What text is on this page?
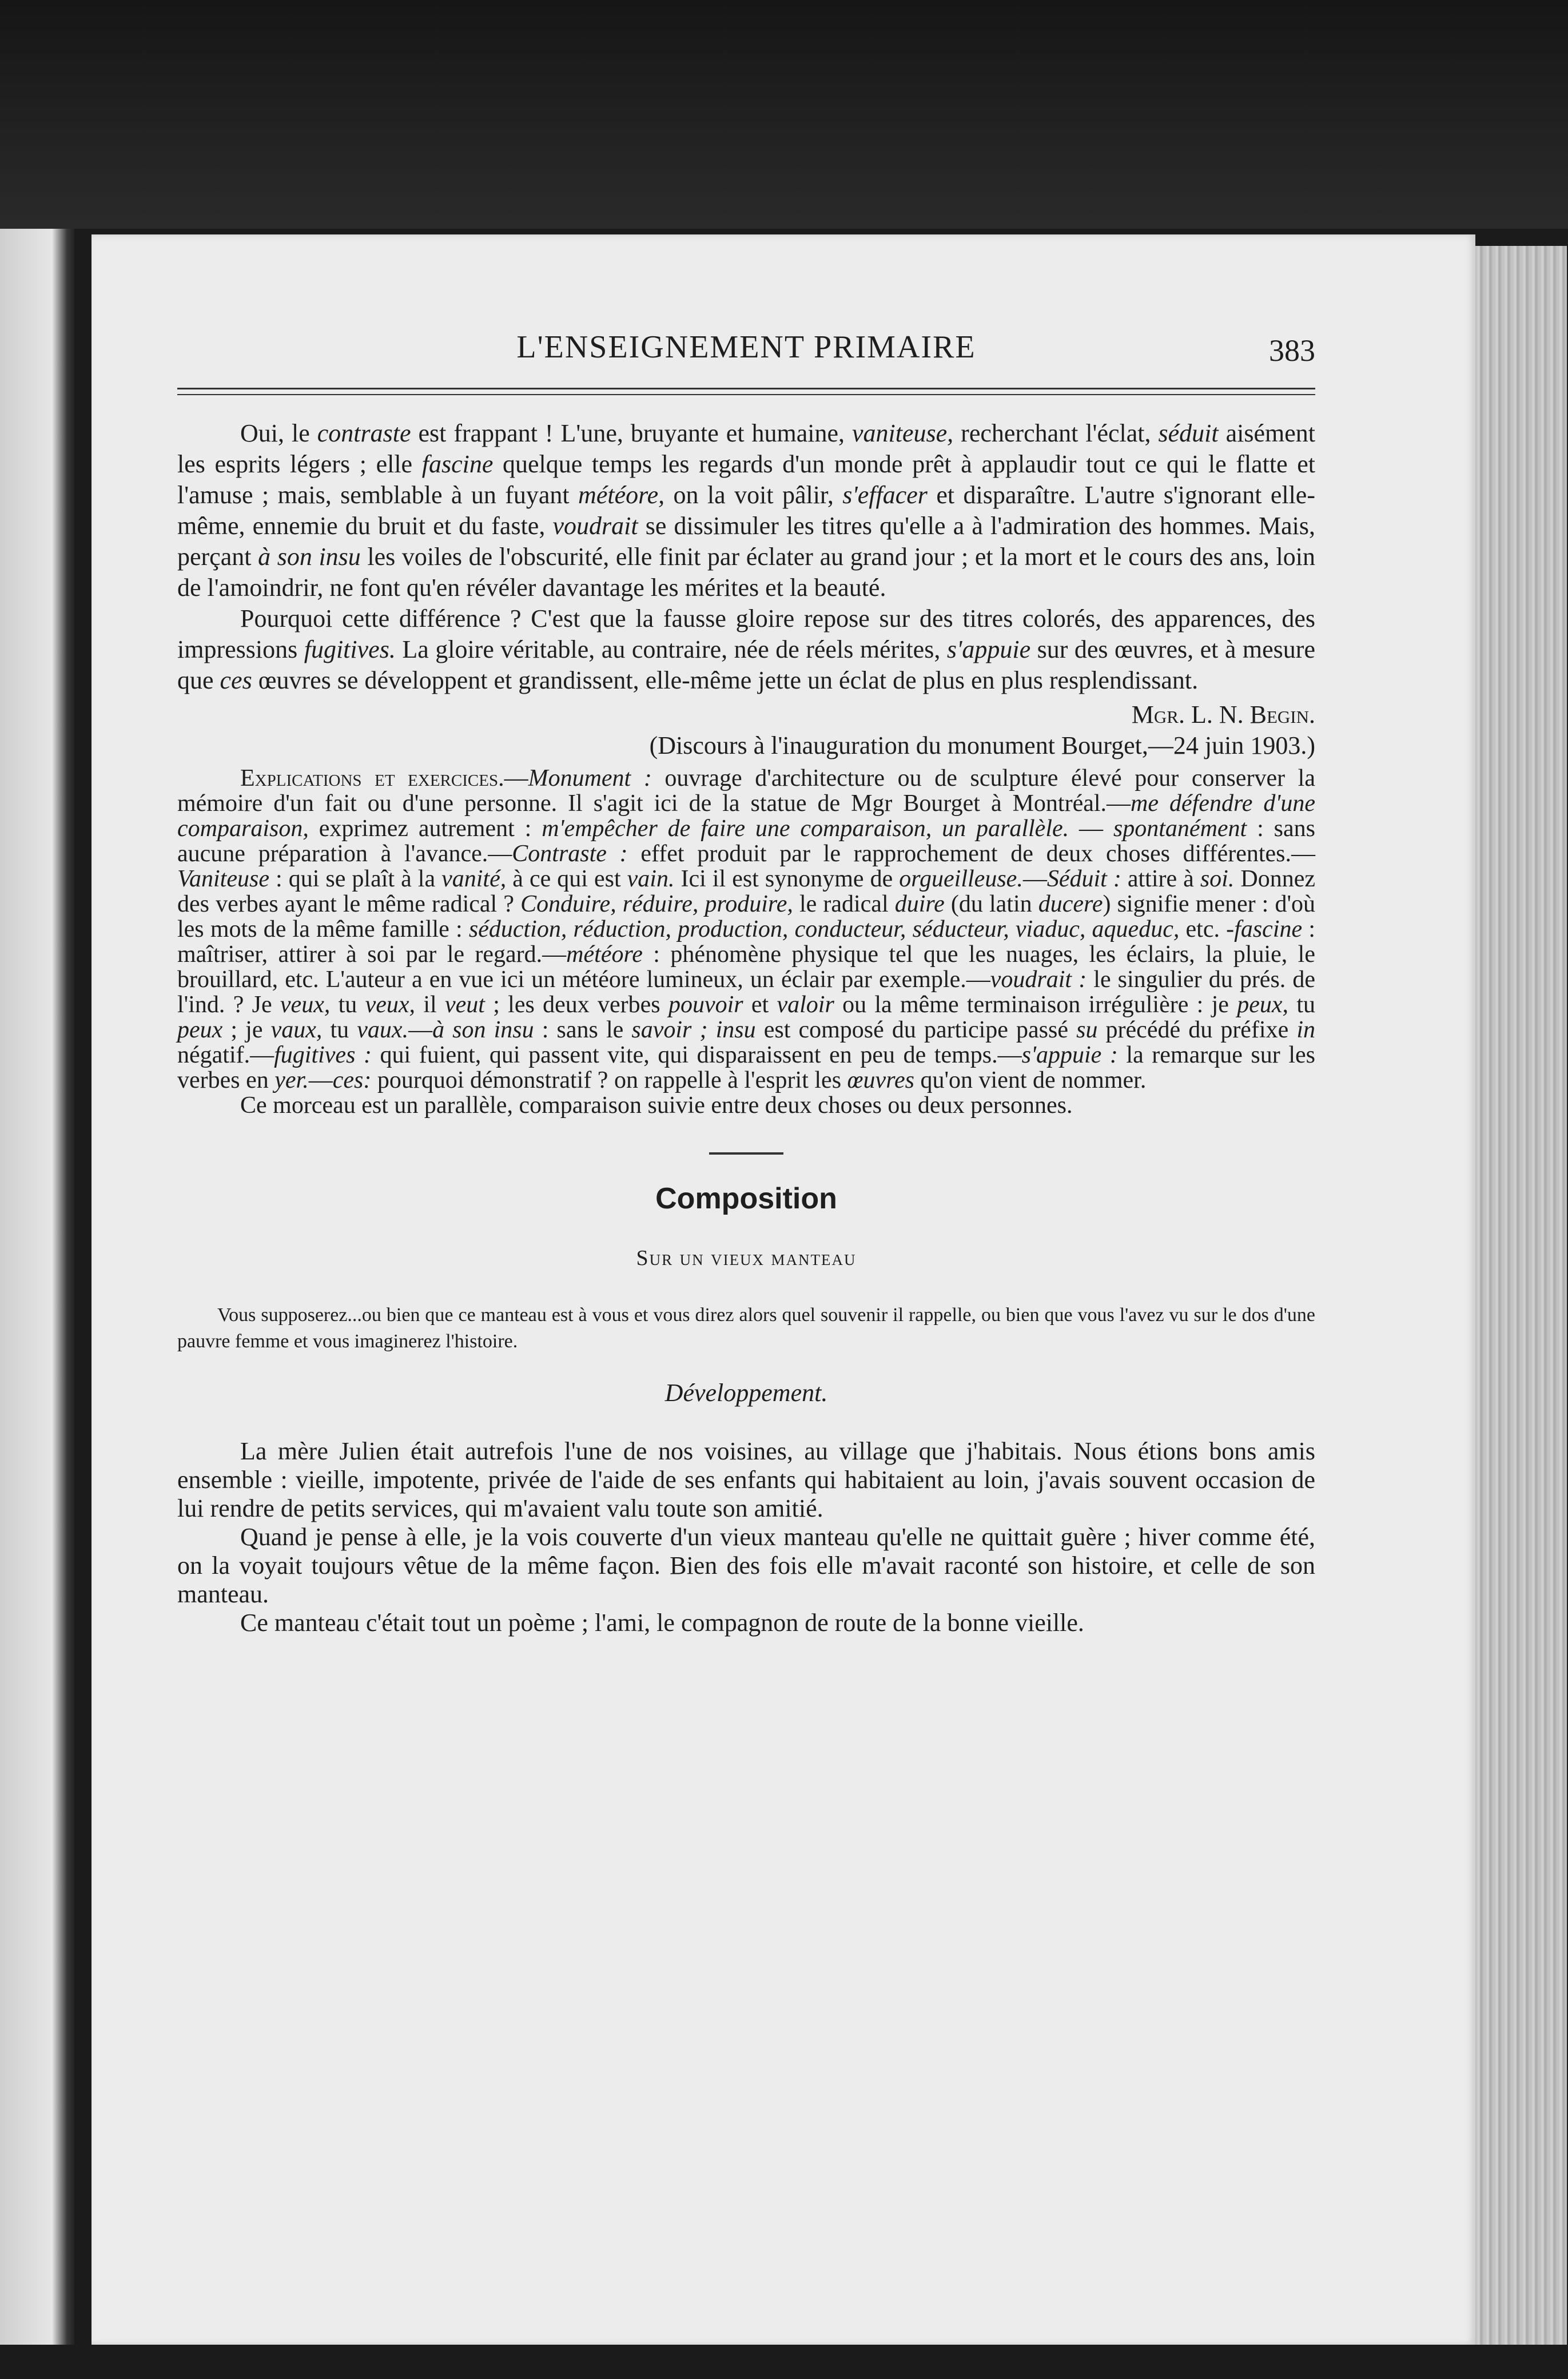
L'ENSEIGNEMENT PRIMAIRE	383

Oui, le contraste est frappant ! L'une, bruyante et humaine, vaniteuse, recherchant l'éclat, séduit aisément les esprits légers ; elle fascine quelque temps les regards d'un monde prêt à applaudir tout ce qui le flatte et l'amuse ; mais, semblable à un fuyant météore, on la voit pâlir, s'effacer et disparaître. L'autre s'ignorant elle-même, ennemie du bruit et du faste, voudrait se dissimuler les titres qu'elle a à l'admiration des hommes. Mais, perçant à son insu les voiles de l'obscurité, elle finit par éclater au grand jour ; et la mort et le cours des ans, loin de l'amoindrir, ne font qu'en révéler davantage les mérites et la beauté.

Pourquoi cette différence ? C'est que la fausse gloire repose sur des titres colorés, des apparences, des impressions fugitives. La gloire véritable, au contraire, née de réels mérites, s'appuie sur des œuvres, et à mesure que ces œuvres se développent et grandissent, elle-même jette un éclat de plus en plus resplendissant.

Mgr. L. N. Begin.
(Discours à l'inauguration du monument Bourget,—24 juin 1903.)

Explications et exercices.—Monument : ouvrage d'architecture ou de sculpture élevé pour conserver la mémoire d'un fait ou d'une personne. Il s'agit ici de la statue de Mgr Bourget à Montréal.—me défendre d'une comparaison, exprimez autrement : m'empêcher de faire une comparaison, un parallèle. — spontanément : sans aucune préparation à l'avance.—Contraste : effet produit par le rapprochement de deux choses différentes.—Vaniteuse : qui se plaît à la vanité, à ce qui est vain. Ici il est synonyme de orgueilleuse.—Séduit : attire à soi. Donnez des verbes ayant le même radical ? Conduire, réduire, produire, le radical duire (du latin ducere) signifie mener : d'où les mots de la même famille : séduction, réduction, production, conducteur, séducteur, viaduc, aqueduc, etc. -fascine : maîtriser, attirer à soi par le regard.—météore : phénomène physique tel que les nuages, les éclairs, la pluie, le brouillard, etc. L'auteur a en vue ici un météore lumineux, un éclair par exemple.—voudrait : le singulier du prés. de l'ind. ? Je veux, tu veux, il veut ; les deux verbes pouvoir et valoir ou la même terminaison irrégulière : je peux, tu peux ; je vaux, tu vaux.—à son insu : sans le savoir ; insu est composé du participe passé su précédé du préfixe in négatif.—fugitives : qui fuient, qui passent vite, qui disparaissent en peu de temps.—s'appuie : la remarque sur les verbes en yer.—ces: pourquoi démonstratif ? on rappelle à l'esprit les œuvres qu'on vient de nommer.

Ce morceau est un parallèle, comparaison suivie entre deux choses ou deux personnes.

Composition
Sur un vieux manteau

Vous supposerez...ou bien que ce manteau est à vous et vous direz alors quel souvenir il rappelle, ou bien que vous l'avez vu sur le dos d'une pauvre femme et vous imaginerez l'histoire.

Développement.

La mère Julien était autrefois l'une de nos voisines, au village que j'habitais. Nous étions bons amis ensemble : vieille, impotente, privée de l'aide de ses enfants qui habitaient au loin, j'avais souvent occasion de lui rendre de petits services, qui m'avaient valu toute son amitié.

Quand je pense à elle, je la vois couverte d'un vieux manteau qu'elle ne quittait guère ; hiver comme été, on la voyait toujours vêtue de la même façon. Bien des fois elle m'avait raconté son histoire, et celle de son manteau.

Ce manteau c'était tout un poème ; l'ami, le compagnon de route de la bonne vieille.
